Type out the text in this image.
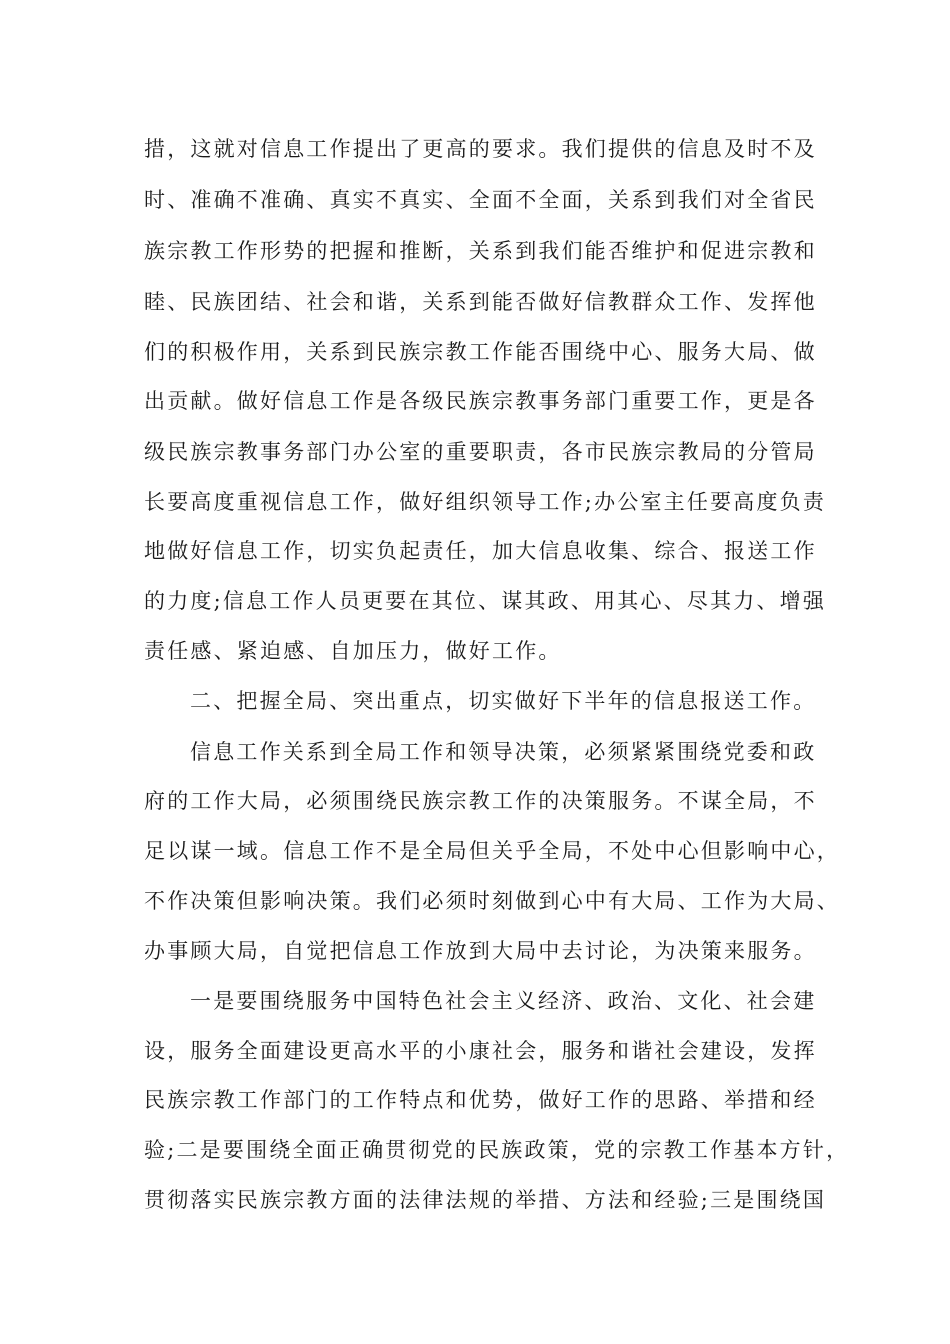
措，这就对信息工作提出了更高的要求。我们提供的信息及时不及
时、准确不准确、真实不真实、全面不全面，关系到我们对全省民
族宗教工作形势的把握和推断，关系到我们能否维护和促进宗教和
睦、民族团结、社会和谐，关系到能否做好信教群众工作、发挥他
们的积极作用，关系到民族宗教工作能否围绕中心、服务大局、做
出贡献。做好信息工作是各级民族宗教事务部门重要工作，更是各
级民族宗教事务部门办公室的重要职责，各市民族宗教局的分管局
长要高度重视信息工作，做好组织领导工作;办公室主任要高度负责
地做好信息工作，切实负起责任，加大信息收集、综合、报送工作
的力度;信息工作人员更要在其位、谋其政、用其心、尽其力、增强
责任感、紧迫感、自加压力，做好工作。
二、把握全局、突出重点，切实做好下半年的信息报送工作。
信息工作关系到全局工作和领导决策，必须紧紧围绕党委和政
府的工作大局，必须围绕民族宗教工作的决策服务。不谋全局，不
足以谋一域。信息工作不是全局但关乎全局，不处中心但影响中心，
不作决策但影响决策。我们必须时刻做到心中有大局、工作为大局、
办事顾大局，自觉把信息工作放到大局中去讨论，为决策来服务。
一是要围绕服务中国特色社会主义经济、政治、文化、社会建
设，服务全面建设更高水平的小康社会，服务和谐社会建设，发挥
民族宗教工作部门的工作特点和优势，做好工作的思路、举措和经
验;二是要围绕全面正确贯彻党的民族政策，党的宗教工作基本方针，
贯彻落实民族宗教方面的法律法规的举措、方法和经验;三是围绕国
